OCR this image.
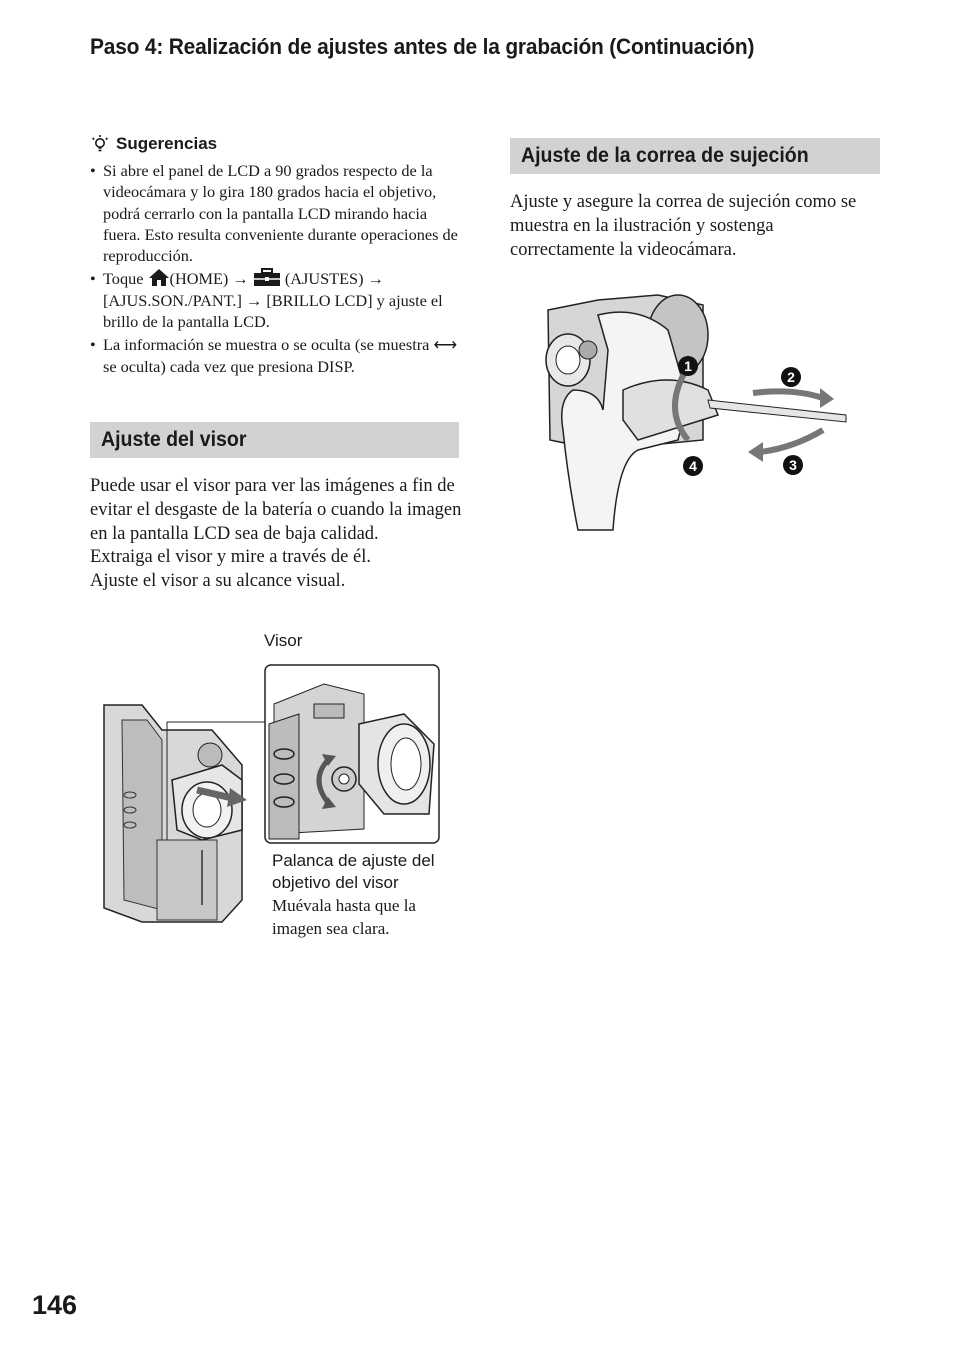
Paso 4: Realización de ajustes antes de la grabación (Continuación)
Sugerencias
• Si abre el panel de LCD a 90 grados respecto de la videocámara y lo gira 180 grados hacia el objetivo, podrá cerrarlo con la pantalla LCD mirando hacia fuera. Esto resulta conveniente durante operaciones de reproducción.
• Toque (HOME) → (AJUSTES) → [AJUS.SON./PANT.] → [BRILLO LCD] y ajuste el brillo de la pantalla LCD.
• La información se muestra o se oculta (se muestra ⟷ se oculta) cada vez que presiona DISP.
Ajuste del visor
Puede usar el visor para ver las imágenes a fin de evitar el desgaste de la batería o cuando la imagen en la pantalla LCD sea de baja calidad.
Extraiga el visor y mire a través de él.
Ajuste el visor a su alcance visual.
Visor
Palanca de ajuste del objetivo del visor
Muévala hasta que la imagen sea clara.
Ajuste de la correa de sujeción

Ajuste y asegure la correa de sujeción como se muestra en la ilustración y sostenga correctamente la videocámara.

1
2
3
4
146
